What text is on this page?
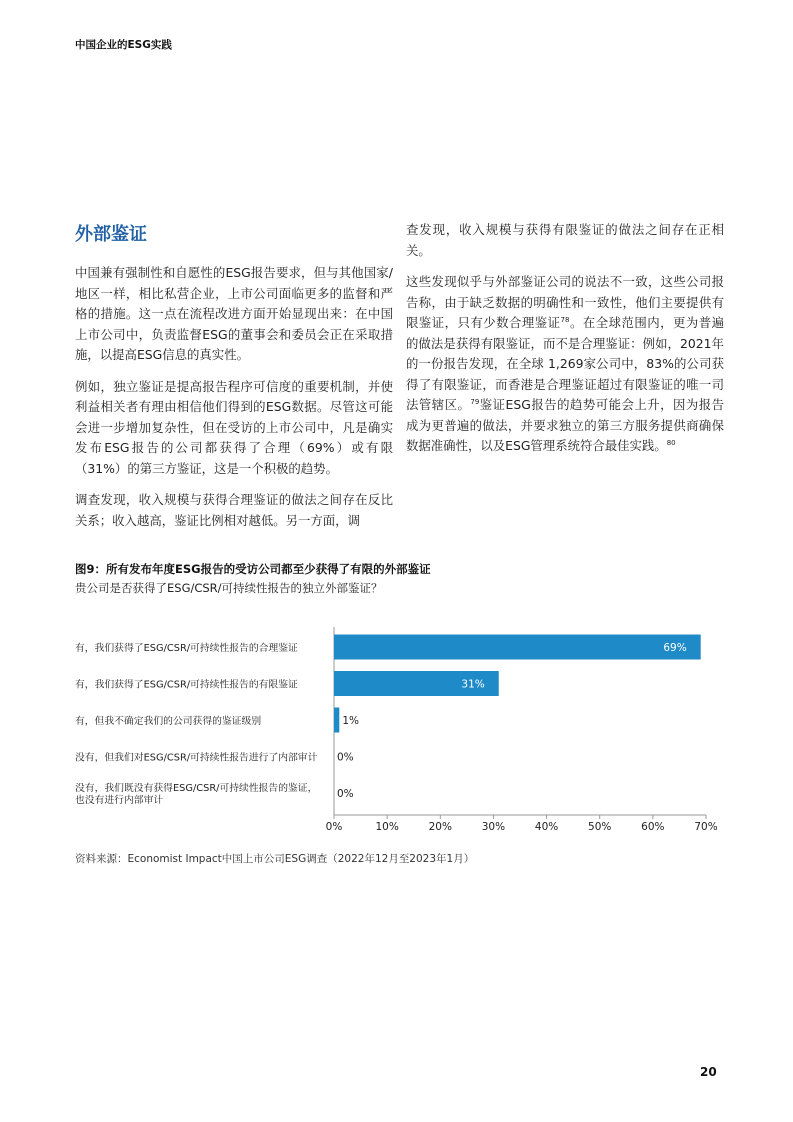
中国企业的ESG实践
外部鉴证

中国兼有强制性和自愿性的ESG报告要求，但与其他国家/地区一样，相比私营企业，上市公司面临更多的监督和严格的措施。这一点在流程改进方面开始显现出来：在中国上市公司中，负责监督ESG的董事会和委员会正在采取措施，以提高ESG信息的真实性。

例如，独立鉴证是提高报告程序可信度的重要机制，并使利益相关者有理由相信他们得到的ESG数据。尽管这可能会进一步增加复杂性，但在受访的上市公司中，凡是确实发布ESG报告的公司都获得了合理（69%）或有限（31%）的第三方鉴证，这是一个积极的趋势。

调查发现，收入规模与获得合理鉴证的做法之间存在反比关系；收入越高，鉴证比例相对越低。另一方面，调

查发现，收入规模与获得有限鉴证的做法之间存在正相关。

这些发现似乎与外部鉴证公司的说法不一致，这些公司报告称，由于缺乏数据的明确性和一致性，他们主要提供有限鉴证，只有少数合理鉴证$^{78}$。在全球范围内，更为普遍的做法是获得有限鉴证，而不是合理鉴证：例如，2021年的一份报告发现，在全球 1,269家公司中，83%的公司获得了有限鉴证，而香港是合理鉴证超过有限鉴证的唯一司法管辖区。$^{79}$鉴证ESG报告的趋势可能会上升，因为报告成为更普遍的做法，并要求独立的第三方服务提供商确保数据准确性，以及ESG管理系统符合最佳实践。$^{80}$

图9：所有发布年度ESG报告的受访公司都至少获得了有限的外部鉴证
贵公司是否获得了ESG/CSR/可持续性报告的独立外部鉴证？
0%	10%	20%	30%	40%	50%	60%	70%
有，我们获得了ESG/CSR/可持续性报告的合理鉴证	69%
有，我们获得了ESG/CSR/可持续性报告的有限鉴证	31%
有，但我不确定我们的公司获得的鉴证级别	1%
没有，但我们对ESG/CSR/可持续性报告进行了内部审计 0%
没有，我们既没有获得ESG/CSR/可持续性报告的鉴证，
也没有进行内部审计
0%
资料来源：Economist Impact中国上市公司ESG调查（2022年12月至2023年1月）
20
